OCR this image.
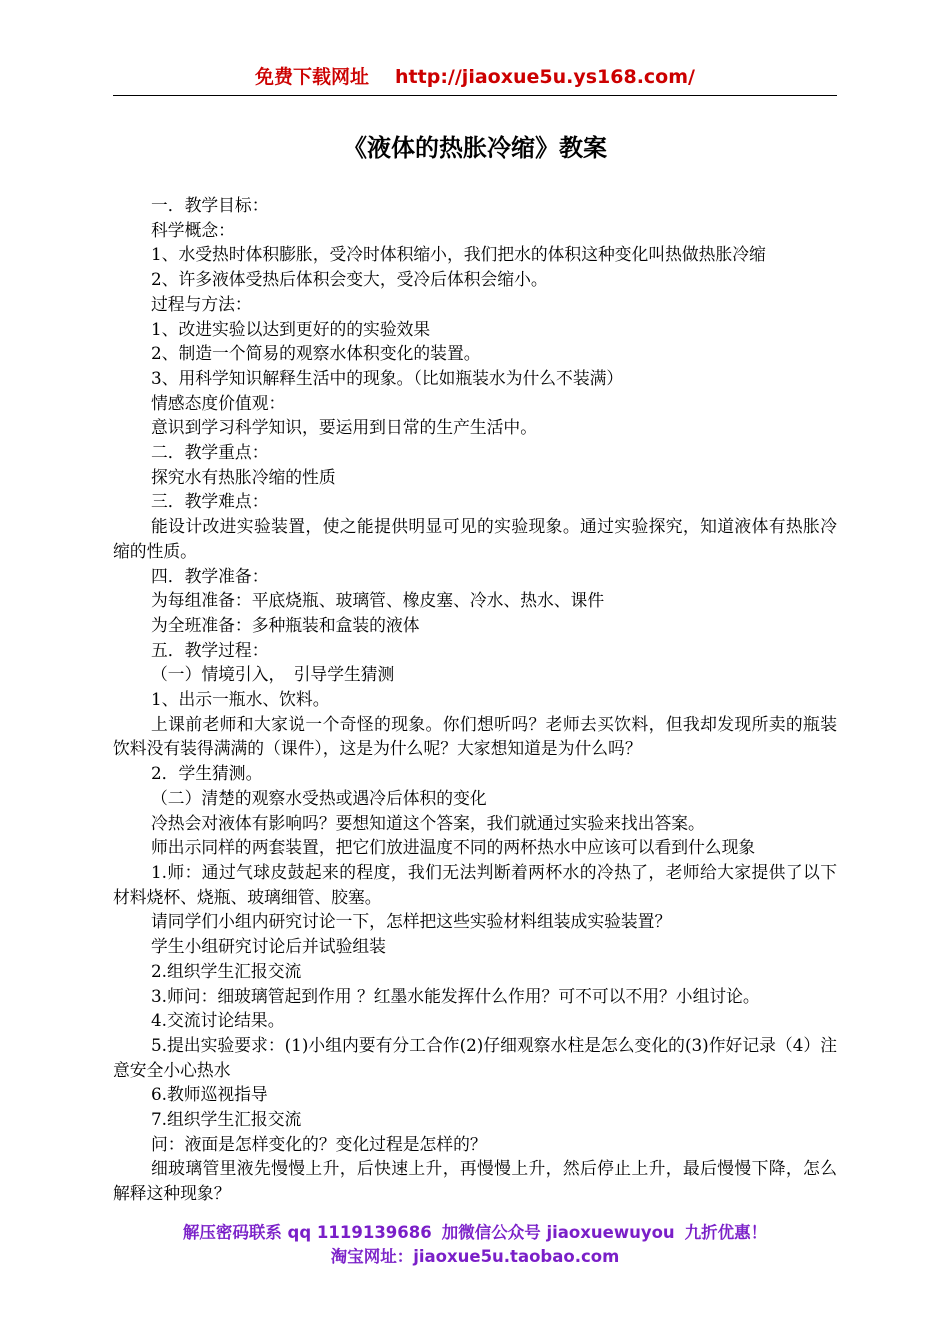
免费下载网址 http://jiaoxue5u.ys168.com/
《液体的热胀冷缩》教案

一．教学目标：

科学概念：

1、水受热时体积膨胀，受冷时体积缩小，我们把水的体积这种变化叫热做热胀冷缩

2、许多液体受热后体积会变大，受冷后体积会缩小。

过程与方法：

1、改进实验以达到更好的的实验效果

2、制造一个简易的观察水体积变化的装置。

3、用科学知识解释生活中的现象。（比如瓶装水为什么不装满）

情感态度价值观：

意识到学习科学知识，要运用到日常的生产生活中。

二．教学重点：

探究水有热胀冷缩的性质

三．教学难点：

能设计改进实验装置，使之能提供明显可见的实验现象。通过实验探究，知道液体有热胀冷缩的性质。

四．教学准备：

为每组准备：平底烧瓶、玻璃管、橡皮塞、冷水、热水、课件

为全班准备：多种瓶装和盒装的液体

五．教学过程：

（一）情境引入，　引导学生猜测

1、出示一瓶水、饮料。

上课前老师和大家说一个奇怪的现象。你们想听吗？老师去买饮料，但我却发现所卖的瓶装饮料没有装得满满的（课件），这是为什么呢？大家想知道是为什么吗？

2．学生猜测。

（二）清楚的观察水受热或遇冷后体积的变化

冷热会对液体有影响吗？要想知道这个答案，我们就通过实验来找出答案。

师出示同样的两套装置，把它们放进温度不同的两杯热水中应该可以看到什么现象

1.师：通过气球皮鼓起来的程度，我们无法判断着两杯水的冷热了，老师给大家提供了以下材料烧杯、烧瓶、玻璃细管、胶塞。

请同学们小组内研究讨论一下，怎样把这些实验材料组装成实验装置？

学生小组研究讨论后并试验组装

2.组织学生汇报交流

3.师问：细玻璃管起到作用 ？红墨水能发挥什么作用？可不可以不用？小组讨论。

4.交流讨论结果。

5.提出实验要求：(1)小组内要有分工合作(2)仔细观察水柱是怎么变化的(3)作好记录（4）注意安全小心热水

6.教师巡视指导

7.组织学生汇报交流

问：液面是怎样变化的？变化过程是怎样的？

细玻璃管里液先慢慢上升，后快速上升，再慢慢上升，然后停止上升，最后慢慢下降，怎么解释这种现象？

解压密码联系 qq 1119139686 加微信公众号 jiaoxuewuyou 九折优惠！
淘宝网址：jiaoxue5u.taobao.com
